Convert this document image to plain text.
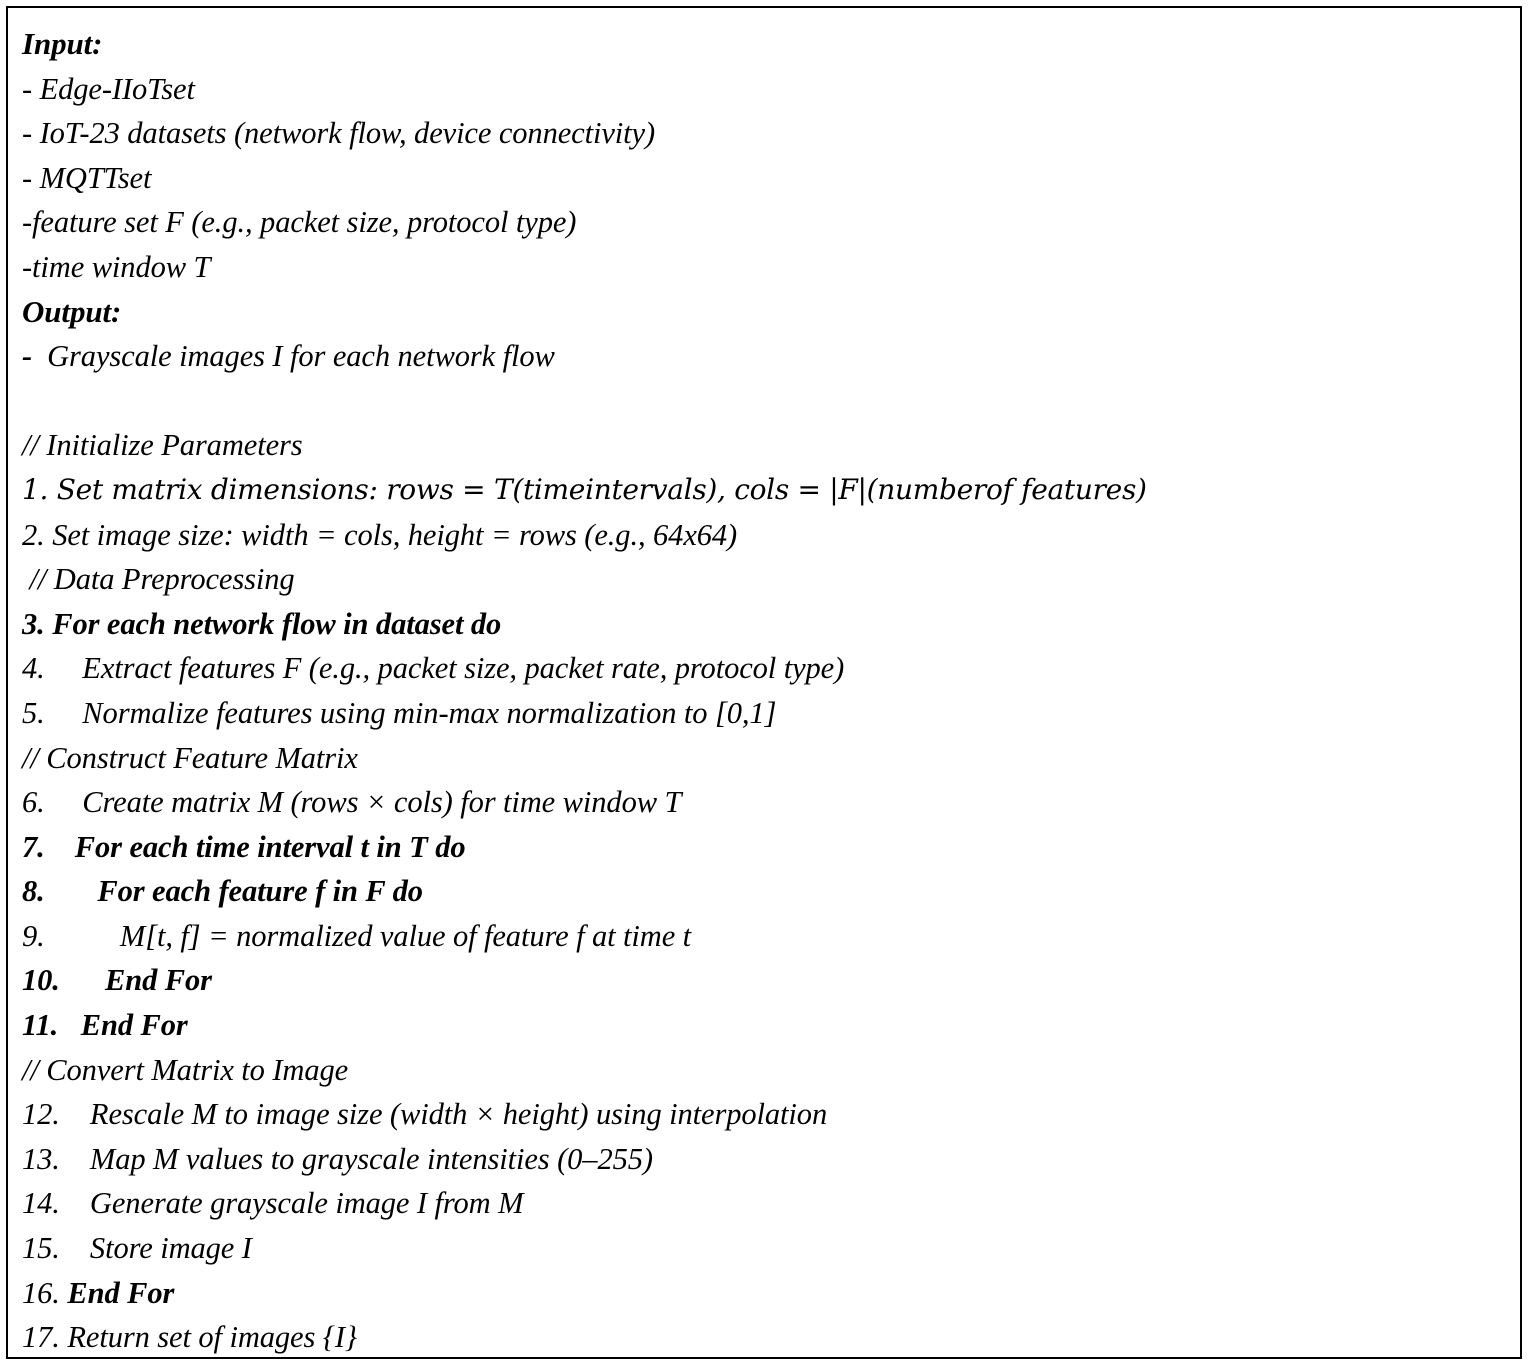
Input:
- Edge-IIoTset
- IoT-23 datasets (network flow, device connectivity)
- MQTTset
-feature set F (e.g., packet size, protocol type)
-time window T
Output:
-  Grayscale images I for each network flow

// Initialize Parameters
1. Set matrix dimensions: rows = T(timeintervals), cols = |F|(numberof features)
2. Set image size: width = cols, height = rows (e.g., 64x64)
// Data Preprocessing
3. For each network flow in dataset do
4.     Extract features F (e.g., packet size, packet rate, protocol type)
5.     Normalize features using min-max normalization to [0,1]
// Construct Feature Matrix
6.     Create matrix M (rows × cols) for time window T
7.    For each time interval t in T do
8.       For each feature f in F do
9.          M[t, f] = normalized value of feature f at time t
10.      End For
11.   End For
// Convert Matrix to Image
12.    Rescale M to image size (width × height) using interpolation
13.    Map M values to grayscale intensities (0–255)
14.    Generate grayscale image I from M
15.    Store image I
16. End For
17. Return set of images {I}
